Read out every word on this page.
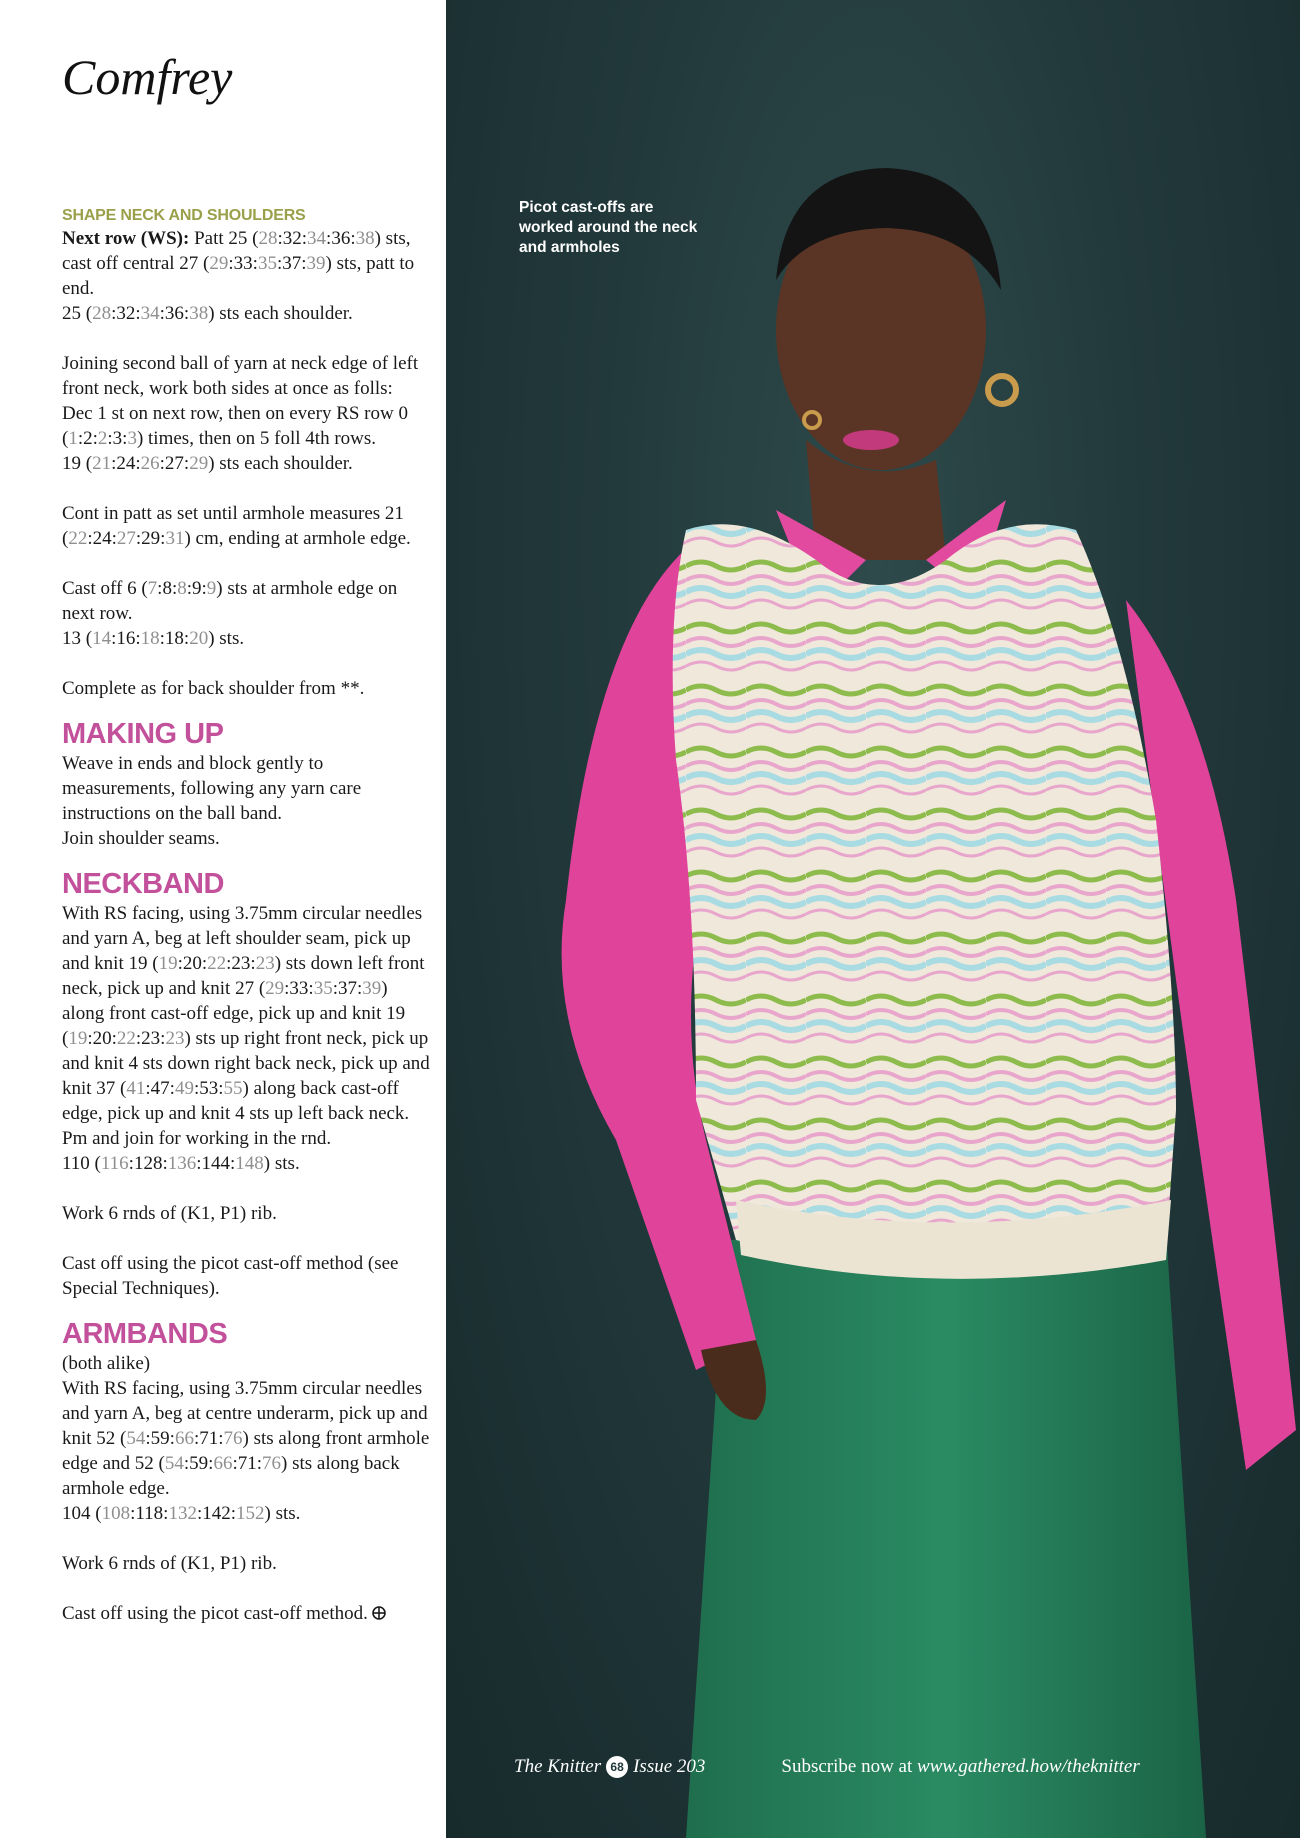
Comfrey
SHAPE NECK AND SHOULDERS

Next row (WS): Patt 25 (28:32:34:36:38) sts, cast off central 27 (29:33:35:37:39) sts, patt to end.

25 (28:32:34:36:38) sts each shoulder.

Joining second ball of yarn at neck edge of left front neck, work both sides at once as folls:

Dec 1 st on next row, then on every RS row 0 (1:2:2:3:3) times, then on 5 foll 4th rows.

19 (21:24:26:27:29) sts each shoulder.

Cont in patt as set until armhole measures 21 (22:24:27:29:31) cm, ending at armhole edge.

Cast off 6 (7:8:8:9:9) sts at armhole edge on next row.

13 (14:16:18:18:20) sts.

Complete as for back shoulder from **.

MAKING UP

Weave in ends and block gently to measurements, following any yarn care instructions on the ball band.

Join shoulder seams.

NECKBAND

With RS facing, using 3.75mm circular needles and yarn A, beg at left shoulder seam, pick up and knit 19 (19:20:22:23:23) sts down left front neck, pick up and knit 27 (29:33:35:37:39) along front cast-off edge, pick up and knit 19 (19:20:22:23:23) sts up right front neck, pick up and knit 4 sts down right back neck, pick up and knit 37 (41:47:49:53:55) along back cast-off edge, pick up and knit 4 sts up left back neck. Pm and join for working in the rnd.

110 (116:128:136:144:148) sts.

Work 6 rnds of (K1, P1) rib.

Cast off using the picot cast-off method (see Special Techniques).

ARMBANDS

(both alike)

With RS facing, using 3.75mm circular needles and yarn A, beg at centre underarm, pick up and knit 52 (54:59:66:71:76) sts along front armhole edge and 52 (54:59:66:71:76) sts along back armhole edge.

104 (108:118:132:142:152) sts.

Work 6 rnds of (K1, P1) rib.

Cast off using the picot cast-off method.

Picot cast-offs are worked around the neck and armholes
The Knitter 68 Issue 203	Subscribe now at www.gathered.how/theknitter
